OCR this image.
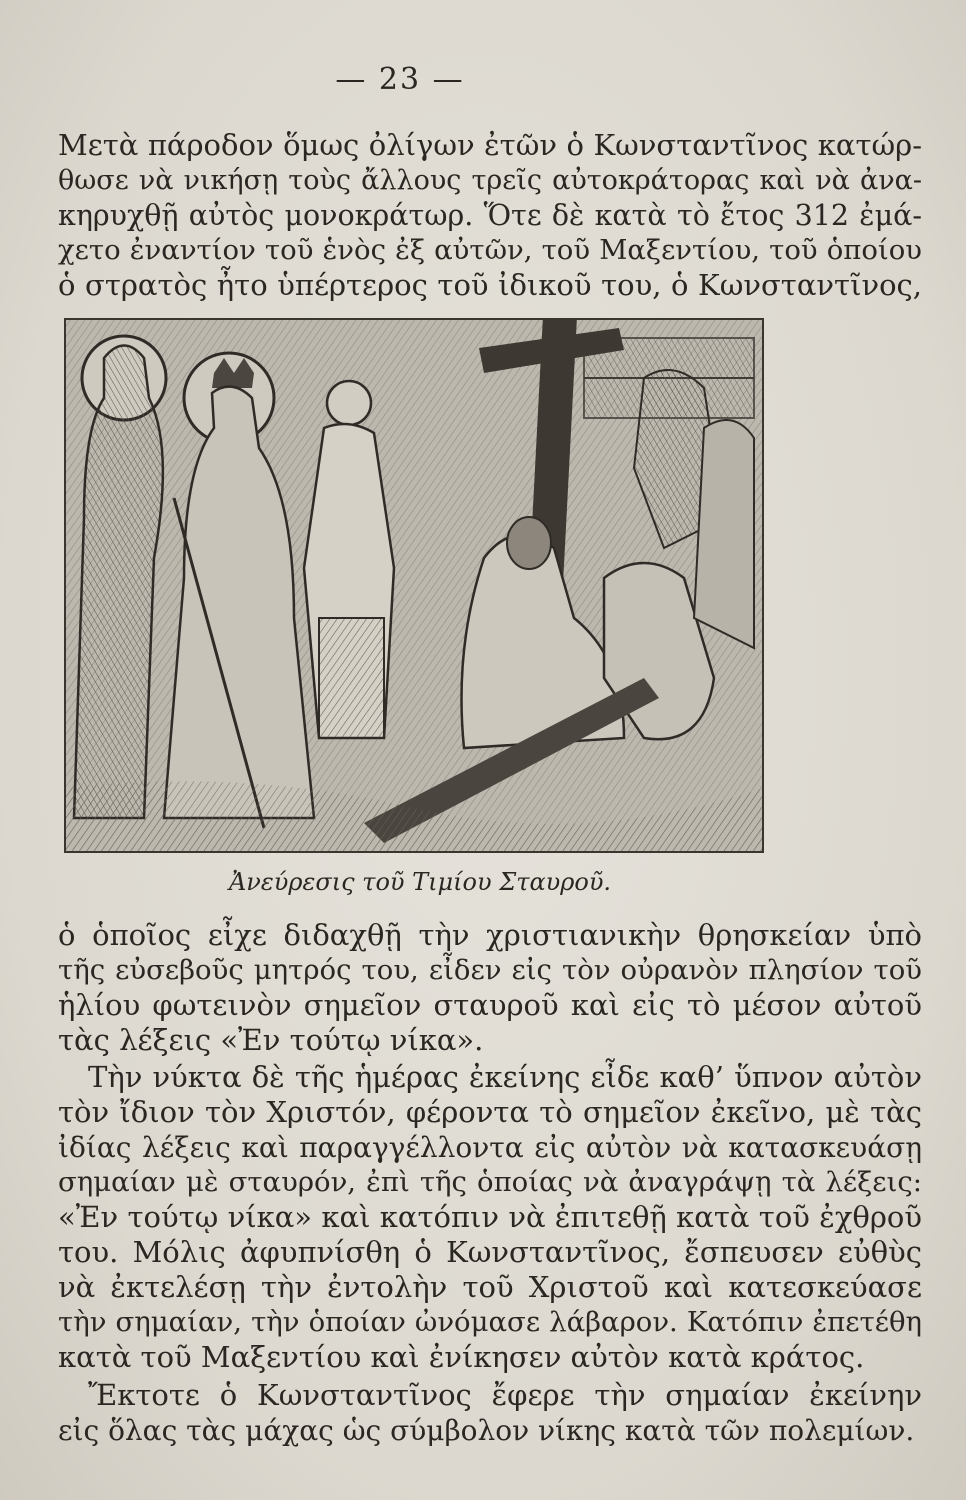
— 23 —

Μετὰ πάροδον ὅμως ὀλίγων ἐτῶν ὁ Κωνσταντῖνος κατώρ-
θωσε νὰ νικήσῃ τοὺς ἄλλους τρεῖς αὐτοκράτορας καὶ νὰ ἀνα-
κηρυχθῇ αὐτὸς μονοκράτωρ. Ὅτε δὲ κατὰ τὸ ἔτος 312 ἐμά-
χετο ἐναντίον τοῦ ἑνὸς ἐξ αὐτῶν, τοῦ Μαξεντίου, τοῦ ὁποίου
ὁ στρατὸς ἦτο ὑπέρτερος τοῦ ἰδικοῦ του, ὁ Κωνσταντῖνος,

Ἀνεύρεσις τοῦ Τιμίου Σταυροῦ.

ὁ ὁποῖος εἶχε διδαχθῇ τὴν χριστιανικὴν θρησκείαν ὑπὸ
τῆς εὐσεβοῦς μητρός του, εἶδεν εἰς τὸν οὐρανὸν πλησίον τοῦ
ἡλίου φωτεινὸν σημεῖον σταυροῦ καὶ εἰς τὸ μέσον αὐτοῦ
τὰς λέξεις «Ἐν τούτῳ νίκα».

Τὴν νύκτα δὲ τῆς ἡμέρας ἐκείνης εἶδε καθ’ ὕπνον αὐτὸν
τὸν ἴδιον τὸν Χριστόν, φέροντα τὸ σημεῖον ἐκεῖνο, μὲ τὰς
ἰδίας λέξεις καὶ παραγγέλλοντα εἰς αὐτὸν νὰ κατασκευάσῃ
σημαίαν μὲ σταυρόν, ἐπὶ τῆς ὁποίας νὰ ἀναγράψῃ τὰ λέξεις:
«Ἐν τούτῳ νίκα» καὶ κατόπιν νὰ ἐπιτεθῇ κατὰ τοῦ ἐχθροῦ
του. Μόλις ἀφυπνίσθη ὁ Κωνσταντῖνος, ἔσπευσεν εὐθὺς
νὰ ἐκτελέσῃ τὴν ἐντολὴν τοῦ Χριστοῦ καὶ κατεσκεύασε
τὴν σημαίαν, τὴν ὁποίαν ὠνόμασε λάβαρον. Κατόπιν ἐπετέθη
κατὰ τοῦ Μαξεντίου καὶ ἐνίκησεν αὐτὸν κατὰ κράτος.

Ἔκτοτε ὁ Κωνσταντῖνος ἔφερε τὴν σημαίαν ἐκείνην
εἰς ὅλας τὰς μάχας ὡς σύμβολον νίκης κατὰ τῶν πολεμίων.
